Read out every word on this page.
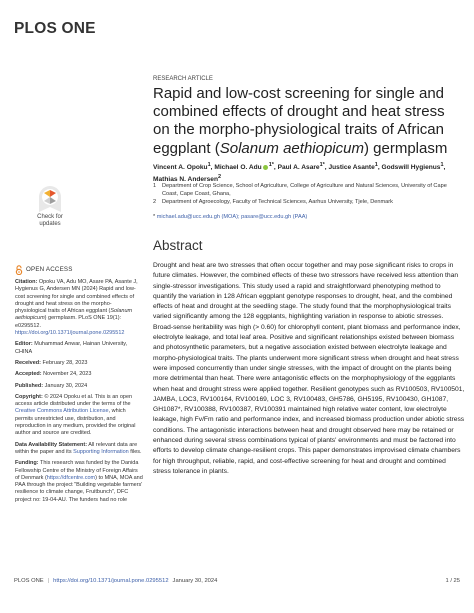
PLOS ONE
RESEARCH ARTICLE
Rapid and low-cost screening for single and combined effects of drought and heat stress on the morpho-physiological traits of African eggplant (Solanum aethiopicum) germplasm
Vincent A. Opoku$^1$, Michael O. Adu $^{1*}$, Paul A. Asare$^{1*}$, Justice Asante$^1$, Godswill Hygienus$^1$, Mathias N. Andersen$^2$
1	Department of Crop Science, School of Agriculture, College of Agriculture and Natural Sciences, University of Cape Coast, Cape Coast, Ghana,
2	Department of Agroecology, Faculty of Technical Sciences, Aarhus University, Tjele, Denmark
* michael.adu@ucc.edu.gh (MOA); pasare@ucc.edu.gh (PAA)
Check for
updates
OPEN ACCESS
Citation: Opoku VA, Adu MO, Asare PA, Asante J, Hygienus G, Andersen MN (2024) Rapid and low-cost screening for single and combined effects of drought and heat stress on the morpho-physiological traits of African eggplant (Solanum aethiopicum) germplasm. PLoS ONE 19(1): e0295512. https://doi.org/10.1371/journal.pone.0295512
Editor: Muhammad Anwar, Hainan University, CHINA
Received: February 28, 2023
Accepted: November 24, 2023
Published: January 30, 2024
Copyright: © 2024 Opoku et al. This is an open access article distributed under the terms of the Creative Commons Attribution License, which permits unrestricted use, distribution, and reproduction in any medium, provided the original author and source are credited.
Data Availability Statement: All relevant data are within the paper and its Supporting Information files.
Funding: This research was funded by the Danida Fellowship Centre of the Ministry of Foreign Affairs of Denmark (https://dfcentre.com) to MNA, MOA and PAA through the project "Building vegetable farmers' resilience to climate change, Fruitbunch", DFC project no: 19-04-AU. The funders had no role
Abstract

Drought and heat are two stresses that often occur together and may pose significant risks to crops in future climates. However, the combined effects of these two stressors have received less attention than single-stressor investigations. This study used a rapid and straightforward phenotyping method to quantify the variation in 128 African eggplant genotype responses to drought, heat, and the combined effects of heat and drought at the seedling stage. The study found that the morphophysiological traits varied significantly among the 128 eggplants, highlighting variation in response to abiotic stresses. Broad-sense heritability was high (> 0.60) for chlorophyll content, plant biomass and performance index, electrolyte leakage, and total leaf area. Positive and significant relationships existed between biomass and photosynthetic parameters, but a negative association existed between electrolyte leakage and morpho-physiological traits. The plants underwent more significant stress when drought and heat stress were imposed concurrently than under single stresses, with the impact of drought on the plants being more detrimental than heat. There were antagonistic effects on the morphophysiology of the eggplants when heat and drought stress were applied together. Resilient genotypes such as RV100503, RV100501, JAMBA, LOC3, RV100164, RV100169, LOC 3, RV100483, GH5786, GH5195, RV100430, GH1087, GH1087*, RV100388, RV100387, RV100391 maintained high relative water content, low electrolyte leakage, high Fv/Fm ratio and performance index, and increased biomass production under abiotic stress conditions. The antagonistic interactions between heat and drought observed here may be retained or enhanced during several stress combinations typical of plants' environments and must be factored into efforts to develop climate change-resilient crops. This paper demonstrates improvised climate chambers for high throughput, reliable, rapid, and cost-effective screening for heat and drought and combined stress tolerance in plants.

PLOS ONE | https://doi.org/10.1371/journal.pone.0295512 January 30, 2024	1 / 25
